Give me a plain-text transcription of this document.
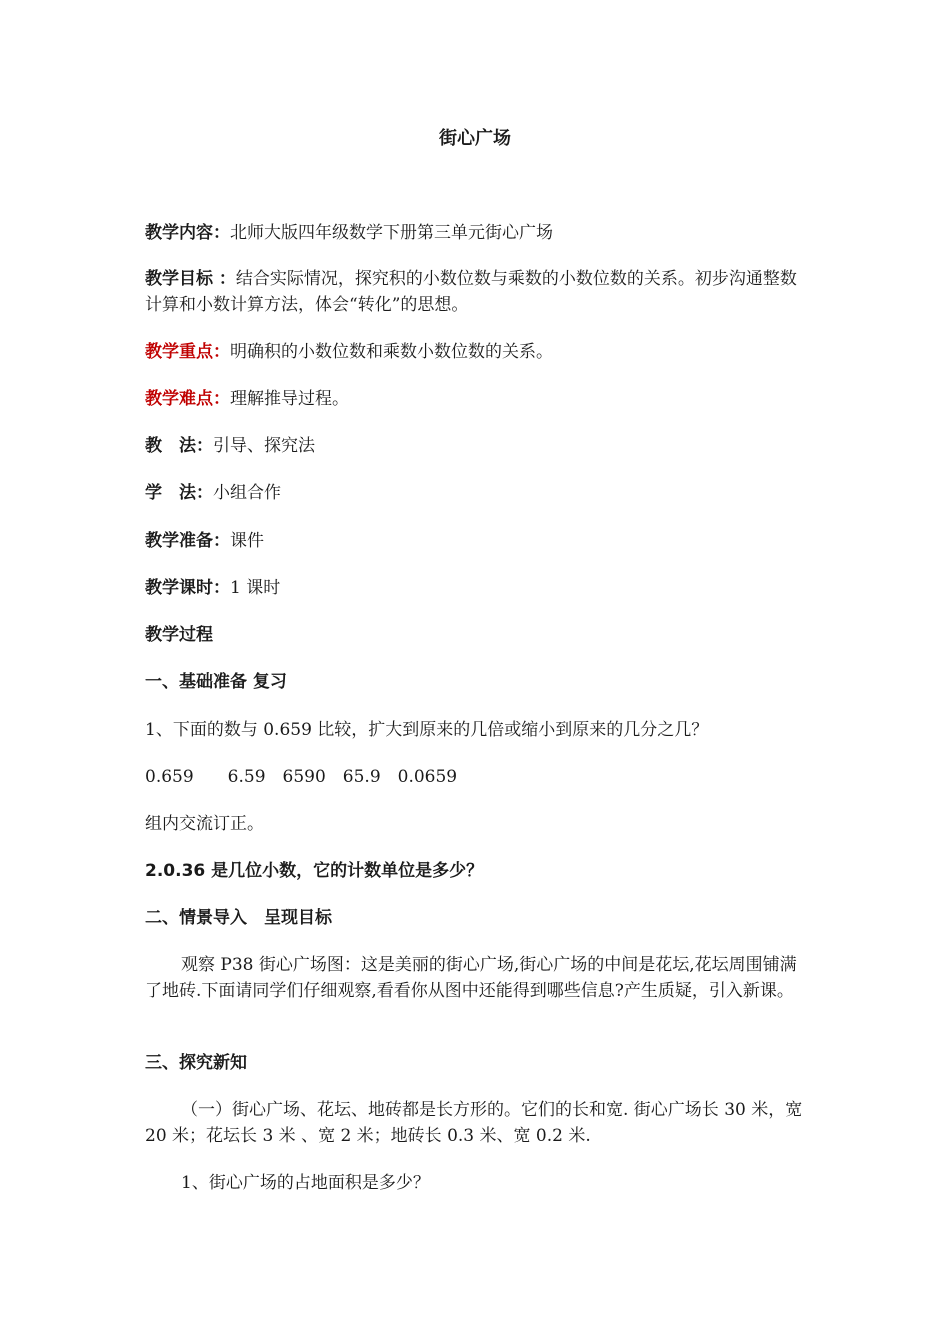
街心广场
教学内容：北师大版四年级数学下册第三单元街心广场
教学目标 ：结合实际情况，探究积的小数位数与乘数的小数位数的关系。初步沟通整数计算和小数计算方法，体会“转化”的思想。
教学重点：明确积的小数位数和乘数小数位数的关系。
教学难点：理解推导过程。
教　法：引导、探究法
学　法：小组合作
教学准备：课件
教学课时：1 课时
教学过程
一、基础准备 复习
1、下面的数与 0.659 比较，扩大到原来的几倍或缩小到原来的几分之几？
0.659　　6.59　6590　65.9　0.0659
组内交流订正。
2.0.36 是几位小数，它的计数单位是多少？
二、情景导入　呈现目标
观察 P38 街心广场图：这是美丽的街心广场,街心广场的中间是花坛,花坛周围铺满了地砖.下面请同学们仔细观察,看看你从图中还能得到哪些信息?产生质疑，引入新课。
三、探究新知
（一）街心广场、花坛、地砖都是长方形的。它们的长和宽. 街心广场长 30 米，宽 20 米；花坛长 3 米 、宽 2 米；地砖长 0.3 米、宽 0.2 米.
1、街心广场的占地面积是多少？
